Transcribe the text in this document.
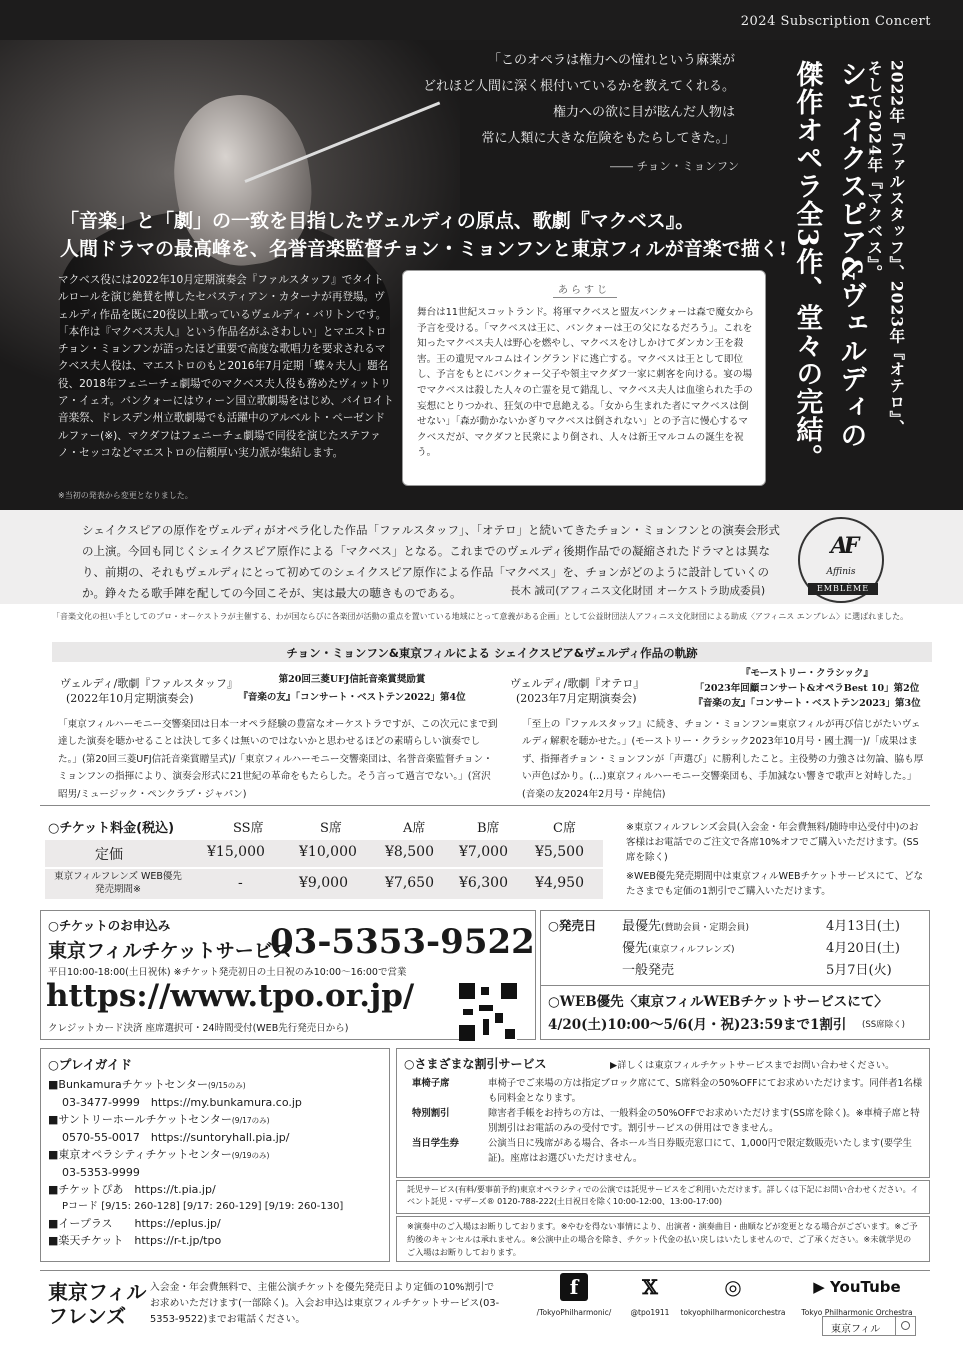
2024 Subscription Concert
「このオペラは権力への憧れという麻薬が
どれほど人間に深く根付いているかを教えてくれる。
権力への欲に目が眩んだ人物は
常に人類に大きな危険をもたらしてきた。」
―― チョン・ミョンフン	2022年『ファルスタッフ』、2023年『オテロ』、
そして2024年『マクベス』。
シェイクスピア&ヴェルディの
傑作オペラ全3作、堂々の完結。
「音楽」と「劇」の一致を目指したヴェルディの原点、歌劇『マクベス』。
人間ドラマの最高峰を、名誉音楽監督チョン・ミョンフンと東京フィルが音楽で描く!
マクベス役には2022年10月定期演奏会『ファルスタッフ』でタイトルロールを演じ絶賛を博したセバスティアン・カターナが再登場。ヴェルディ作品を既に20役以上歌っているヴェルディ・バリトンです。「本作は『マクベス夫人』という作品名がふさわしい」とマエストロ チョン・ミョンフンが語ったほど重要で高度な歌唱力を要求されるマクベス夫人役は、マエストロのもと2016年7月定期「蝶々夫人」題名役、2018年フェニーチェ劇場でのマクベス夫人役も務めたヴィットリア・イェオ。バンクォーにはウィーン国立歌劇場をはじめ、バイロイト音楽祭、ドレスデン州立歌劇場でも活躍中のアルベルト・ペーゼンドルファー(※)、マクダフはフェニーチェ劇場で同役を演じたステファノ・セッコなどマエストロの信頼厚い実力派が集結します。
※当初の発表から変更となりました。
あらすじ
舞台は11世紀スコットランド。将軍マクベスと盟友バンクォーは森で魔女から予言を受ける。「マクベスは王に、バンクォーは王の父になるだろう」。これを知ったマクベス夫人は野心を燃やし、マクベスをけしかけてダンカン王を殺害。王の遺児マルコムはイングランドに逃亡する。マクベスは王として即位し、予言をもとにバンクォー父子や領主マクダフ一家に刺客を向ける。宴の場でマクベスは殺した人々の亡霊を見て錯乱し、マクベス夫人は血塗られた手の妄想にとりつかれ、狂気の中で息絶える。「女から生まれた者にマクベスは倒せない」「森が動かないかぎりマクベスは倒されない」との予言に慢心するマクベスだが、マクダフと民衆により倒され、人々は新王マルコムの誕生を祝う。
シェイクスピアの原作をヴェルディがオペラ化した作品「ファルスタッフ」、「オテロ」と続いてきたチョン・ミョンフンとの演奏会形式の上演。今回も同じくシェイクスピア原作による「マクベス」となる。これまでのヴェルディ後期作品での凝縮されたドラマとは異なり、前期の、それもヴェルディにとって初めてのシェイクスピア原作による作品「マクベス」を、チョンがどのように設計していくのか。錚々たる歌手陣を配しての今回こそが、実は最大の聴きものである。	長木 誠司(アフィニス文化財団 オーケストラ助成委員)
AF
Affinis
EMBLÈME
「音楽文化の担い手としてのプロ・オーケストラが主催する、わが国ならびに各楽団が活動の重点を置いている地域にとって意義がある企画」として公益財団法人アフィニス文化財団による助成〈アフィニス エンブレム〉に選ばれました。
チョン・ミョンフン&東京フィルによる シェイクスピア&ヴェルディ作品の軌跡
ヴェルディ/歌劇『ファルスタッフ』
(2022年10月定期演奏会)
第20回三菱UFJ信託音楽賞奨励賞
『音楽の友』「コンサート・ベストテン2022」第4位
「東京フィルハーモニー交響楽団は日本一オペラ経験の豊富なオーケストラですが、この次元にまで到達した演奏を聴かせることは決して多くは無いのではないかと思わせるほどの素晴らしい演奏でした。」(第20回三菱UFJ信託音楽賞贈呈式)/「東京フィルハーモニー交響楽団は、名誉音楽監督チョン・ミョンフンの指揮により、演奏会形式に21世紀の革命をもたらした。そう言って過言でない。」(宮沢昭男/ミュージック・ペンクラブ・ジャパン)
ヴェルディ/歌劇『オテロ』
(2023年7月定期演奏会)
『モーストリー・クラシック』
「2023年回顧コンサート&オペラBest 10」第2位
『音楽の友』「コンサート・ベストテン2023」第3位
「至上の『ファルスタッフ』に続き、チョン・ミョンフン=東京フィルが再び信じがたいヴェルディ解釈を聴かせた。」(モーストリー・クラシック2023年10月号・國土潤一)/「成果はまず、指揮者チョン・ミョンフンが「声選び」に勝利したこと。主役勢の力強さは勿論、脇も厚い声色ばかり。(…)東京フィルハーモニー交響楽団も、手加減ない響きで歌声と対峙した。」(音楽の友2024年2月号・岸純信)
○チケット料金(税込)	SS席	S席	A席	B席	C席
定価	¥15,000 ¥10,000 ¥8,500 ¥7,000 ¥5,500
東京フィルフレンズ WEB優先発売期間※	-	¥9,000	¥7,650 ¥6,300 ¥4,950
※東京フィルフレンズ会員(入会金・年会費無料/随時申込受付中)のお客様はお電話でのご注文で各席10%オフでご購入いただけます。(SS席を除く)
※WEB優先発売期間中は東京フィルWEBチケットサービスにて、どなたさまでも定価の1割引でご購入いただけます。
○チケットのお申込み
東京フィルチケットサービス
03-5353-9522
平日10:00-18:00(土日祝休) ※チケット発売初日の土日祝のみ10:00〜16:00で営業
https://www.tpo.or.jp/
クレジットカード決済 座席選択可・24時間受付(WEB先行発売日から)
○発売日 最優先(賛助会員・定期会員)	4月13日(土)
優先(東京フィルフレンズ)	4月20日(土)
一般発売	5月7日(火)
○WEB優先〈東京フィルWEBチケットサービスにて〉
4/20(土)10:00〜5/6(月・祝)23:59まで1割引 (SS席除く)
○プレイガイド
■Bunkamuraチケットセンター(9/15のみ)
03-3477-9999　https://my.bunkamura.co.jp
■サントリーホールチケットセンター(9/17のみ)
0570-55-0017　https://suntoryhall.pia.jp/
■東京オペラシティチケットセンター(9/19のみ)
03-5353-9999
■チケットぴあ　https://t.pia.jp/
Pコード [9/15: 260-128] [9/17: 260-129] [9/19: 260-130]
■イープラス　　https://eplus.jp/
■楽天チケット　https://r-t.jp/tpo
○さまざまな割引サービス	▶詳しくは東京フィルチケットサービスまでお問い合わせください。
車椅子席	車椅子でご来場の方は指定ブロック席にて、S席料金の50%OFFにてお求めいただけます。同伴者1名様も同料金となります。
特別割引	障害者手帳をお持ちの方は、一般料金の50%OFFでお求めいただけます(SS席を除く)。※車椅子席と特別割引はお電話のみの受付です。割引サービスの併用はできません。
当日学生券	公演当日に残席がある場合、各ホール当日券販売窓口にて、1,000円で限定数販売いたします(要学生証)。座席はお選びいただけません。
託児サービス(有料/要事前予約)東京オペラシティでの公演では託児サービスをご利用いただけます。詳しくは下記にお問い合わせください。イベント託児・マザーズ® 0120-788-222(土日祝日を除く10:00-12:00、13:00-17:00)
※演奏中のご入場はお断りしております。※やむを得ない事情により、出演者・演奏曲目・曲順などが変更となる場合がございます。※ご予約後のキャンセルは承れません。※公演中止の場合を除き、チケット代金の払い戻しはいたしませんので、ご了承ください。※未就学児のご入場はお断りしております。
東京フィル
フレンズ
入会金・年会費無料で、主催公演チケットを優先発売日より定価の10%割引でお求めいただけます(一部除く)。入会お申込は東京フィルチケットサービス(03-5353-9522)までお電話ください。
f
/TokyoPhilharmonic/
𝕏
@tpo1911
◎
tokyophilharmonicorchestra
▶ YouTube
Tokyo Philharmonic Orchestra
東京フィル
